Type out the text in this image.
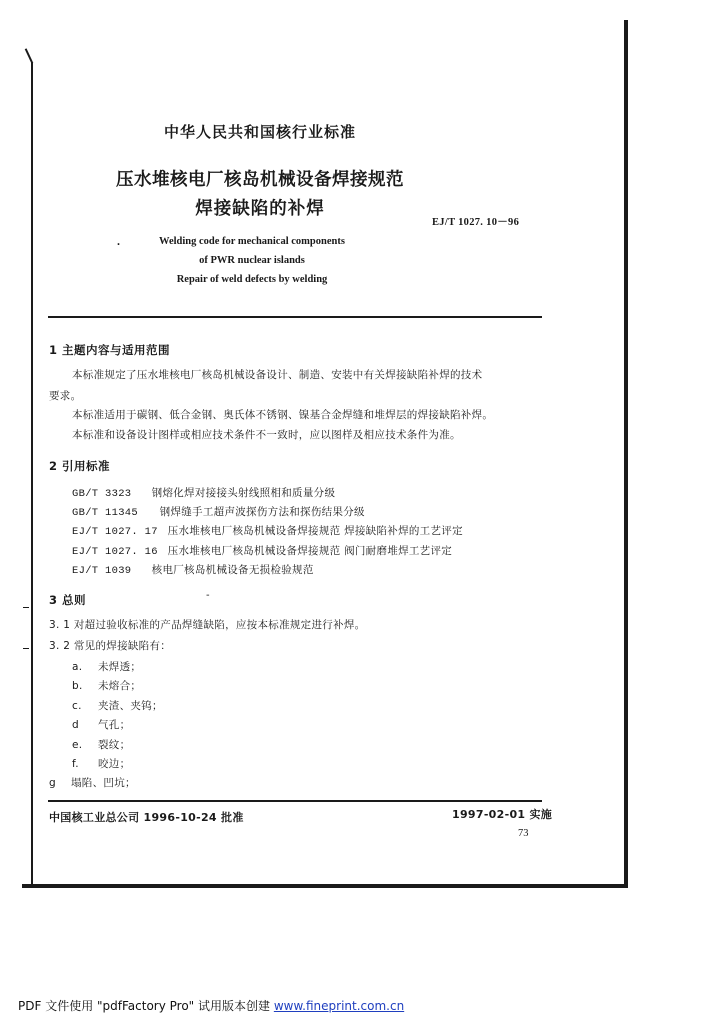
中华人民共和国核行业标准
压水堆核电厂核岛机械设备焊接规范
焊接缺陷的补焊
EJ/T 1027. 10－96
.	Welding code for mechanical components
of PWR nuclear islands
Repair of weld defects by welding
1 主题内容与适用范围
本标准规定了压水堆核电厂核岛机械设备设计、制造、安装中有关焊接缺陷补焊的技术
要求。
本标准适用于碳钢、低合金钢、奥氏体不锈钢、镍基合金焊缝和堆焊层的焊接缺陷补焊。
本标准和设备设计图样或相应技术条件不一致时，应以图样及相应技术条件为准。
2 引用标准
GB/T 3323 钢熔化焊对接接头射线照相和质量分级
GB/T 11345 钢焊缝手工超声波探伤方法和探伤结果分级
EJ/T 1027. 17 压水堆核电厂核岛机械设备焊接规范 焊接缺陷补焊的工艺评定
EJ/T 1027. 16 压水堆核电厂核岛机械设备焊接规范 阀门耐磨堆焊工艺评定
EJ/T 1039 核电厂核岛机械设备无损检验规范
3 总则	-
3. 1 对超过验收标准的产品焊缝缺陷，应按本标准规定进行补焊。
3. 2 常见的焊接缺陷有：
a. 未焊透；
b. 未熔合；
c. 夹渣、夹钨；
d 气孔；
e. 裂纹；
f. 咬边；
g 塌陷、凹坑；
中国核工业总公司 1996-10-24 批准	1997-02-01 实施
73
PDF 文件使用 "pdfFactory Pro" 试用版本创建 www.fineprint.com.cn
